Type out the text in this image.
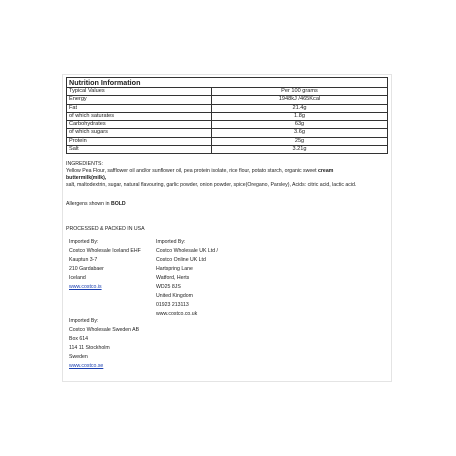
Nutrition Information	
Typical Values	Per 100 grams
Energy	1948kJ /465Kcal
Fat	21.4g
of which saturates	1.8g
Carbohydrates	63g
of which sugars	3.6g
Protein	25g
Salt	3.21g
INGREDIENTS:
Yellow Pea Flour, safflower oil and/or sunflower oil, pea protein isolate, rice flour, potato starch, organic sweet cream
buttermilk(milk),
salt, maltodextrin, sugar, natural flavouring, garlic powder, onion powder, spice(Oregano, Parsley), Acids: citric acid, lactic acid.
Allergens shown in BOLD
PROCESSED & PACKED IN USA
Imported By:
Costco Wholesale Iceland EHF
Kauptun 3-7
210 Gardabaer
Iceland
www.costco.is
Imported By:
Costco Wholesale UK Ltd /
Costco Online UK Ltd
Hartspring Lane
Watford, Herts
WD25 8JS
United Kingdom
01923 213113
www.costco.co.uk
Imported By:
Costco Wholesale Sweden AB
Box 614
114 11 Stockholm
Sweden
www.costco.se
